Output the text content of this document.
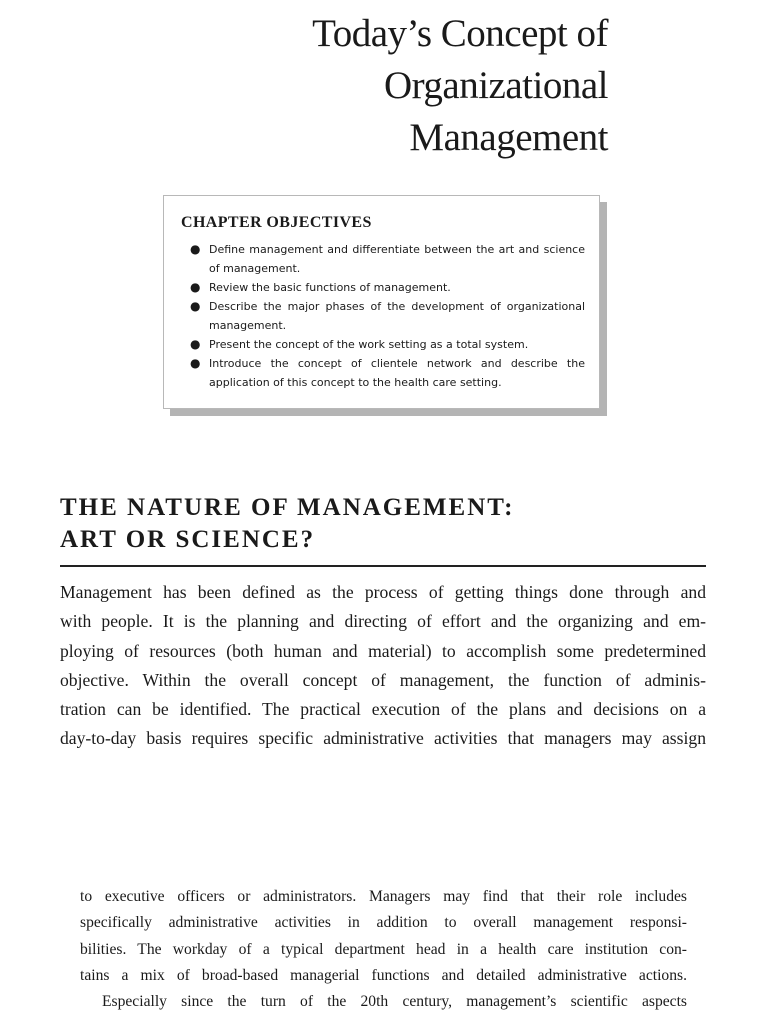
Today’s Concept of
Organizational
Management
CHAPTER OBJECTIVES
● Define management and differentiate between the art and science of management.
● Review the basic functions of management.
● Describe the major phases of the development of organizational management.
● Present the concept of the work setting as a total system.
● Introduce the concept of clientele network and describe the application of this concept to the health care setting.
THE NATURE OF MANAGEMENT:
ART OR SCIENCE?
Management has been defined as the process of getting things done through and
with people. It is the planning and directing of effort and the organizing and em-
ploying of resources (both human and material) to accomplish some predetermined
objective. Within the overall concept of management, the function of adminis-
tration can be identified. The practical execution of the plans and decisions on a
day-to-day basis requires specific administrative activities that managers may assign
to executive officers or administrators. Managers may find that their role includes
specifically administrative activities in addition to overall management responsi-
bilities. The workday of a typical department head in a health care institution con-
tains a mix of broad-based managerial functions and detailed administrative actions.
Especially since the turn of the 20th century, management’s scientific aspects
